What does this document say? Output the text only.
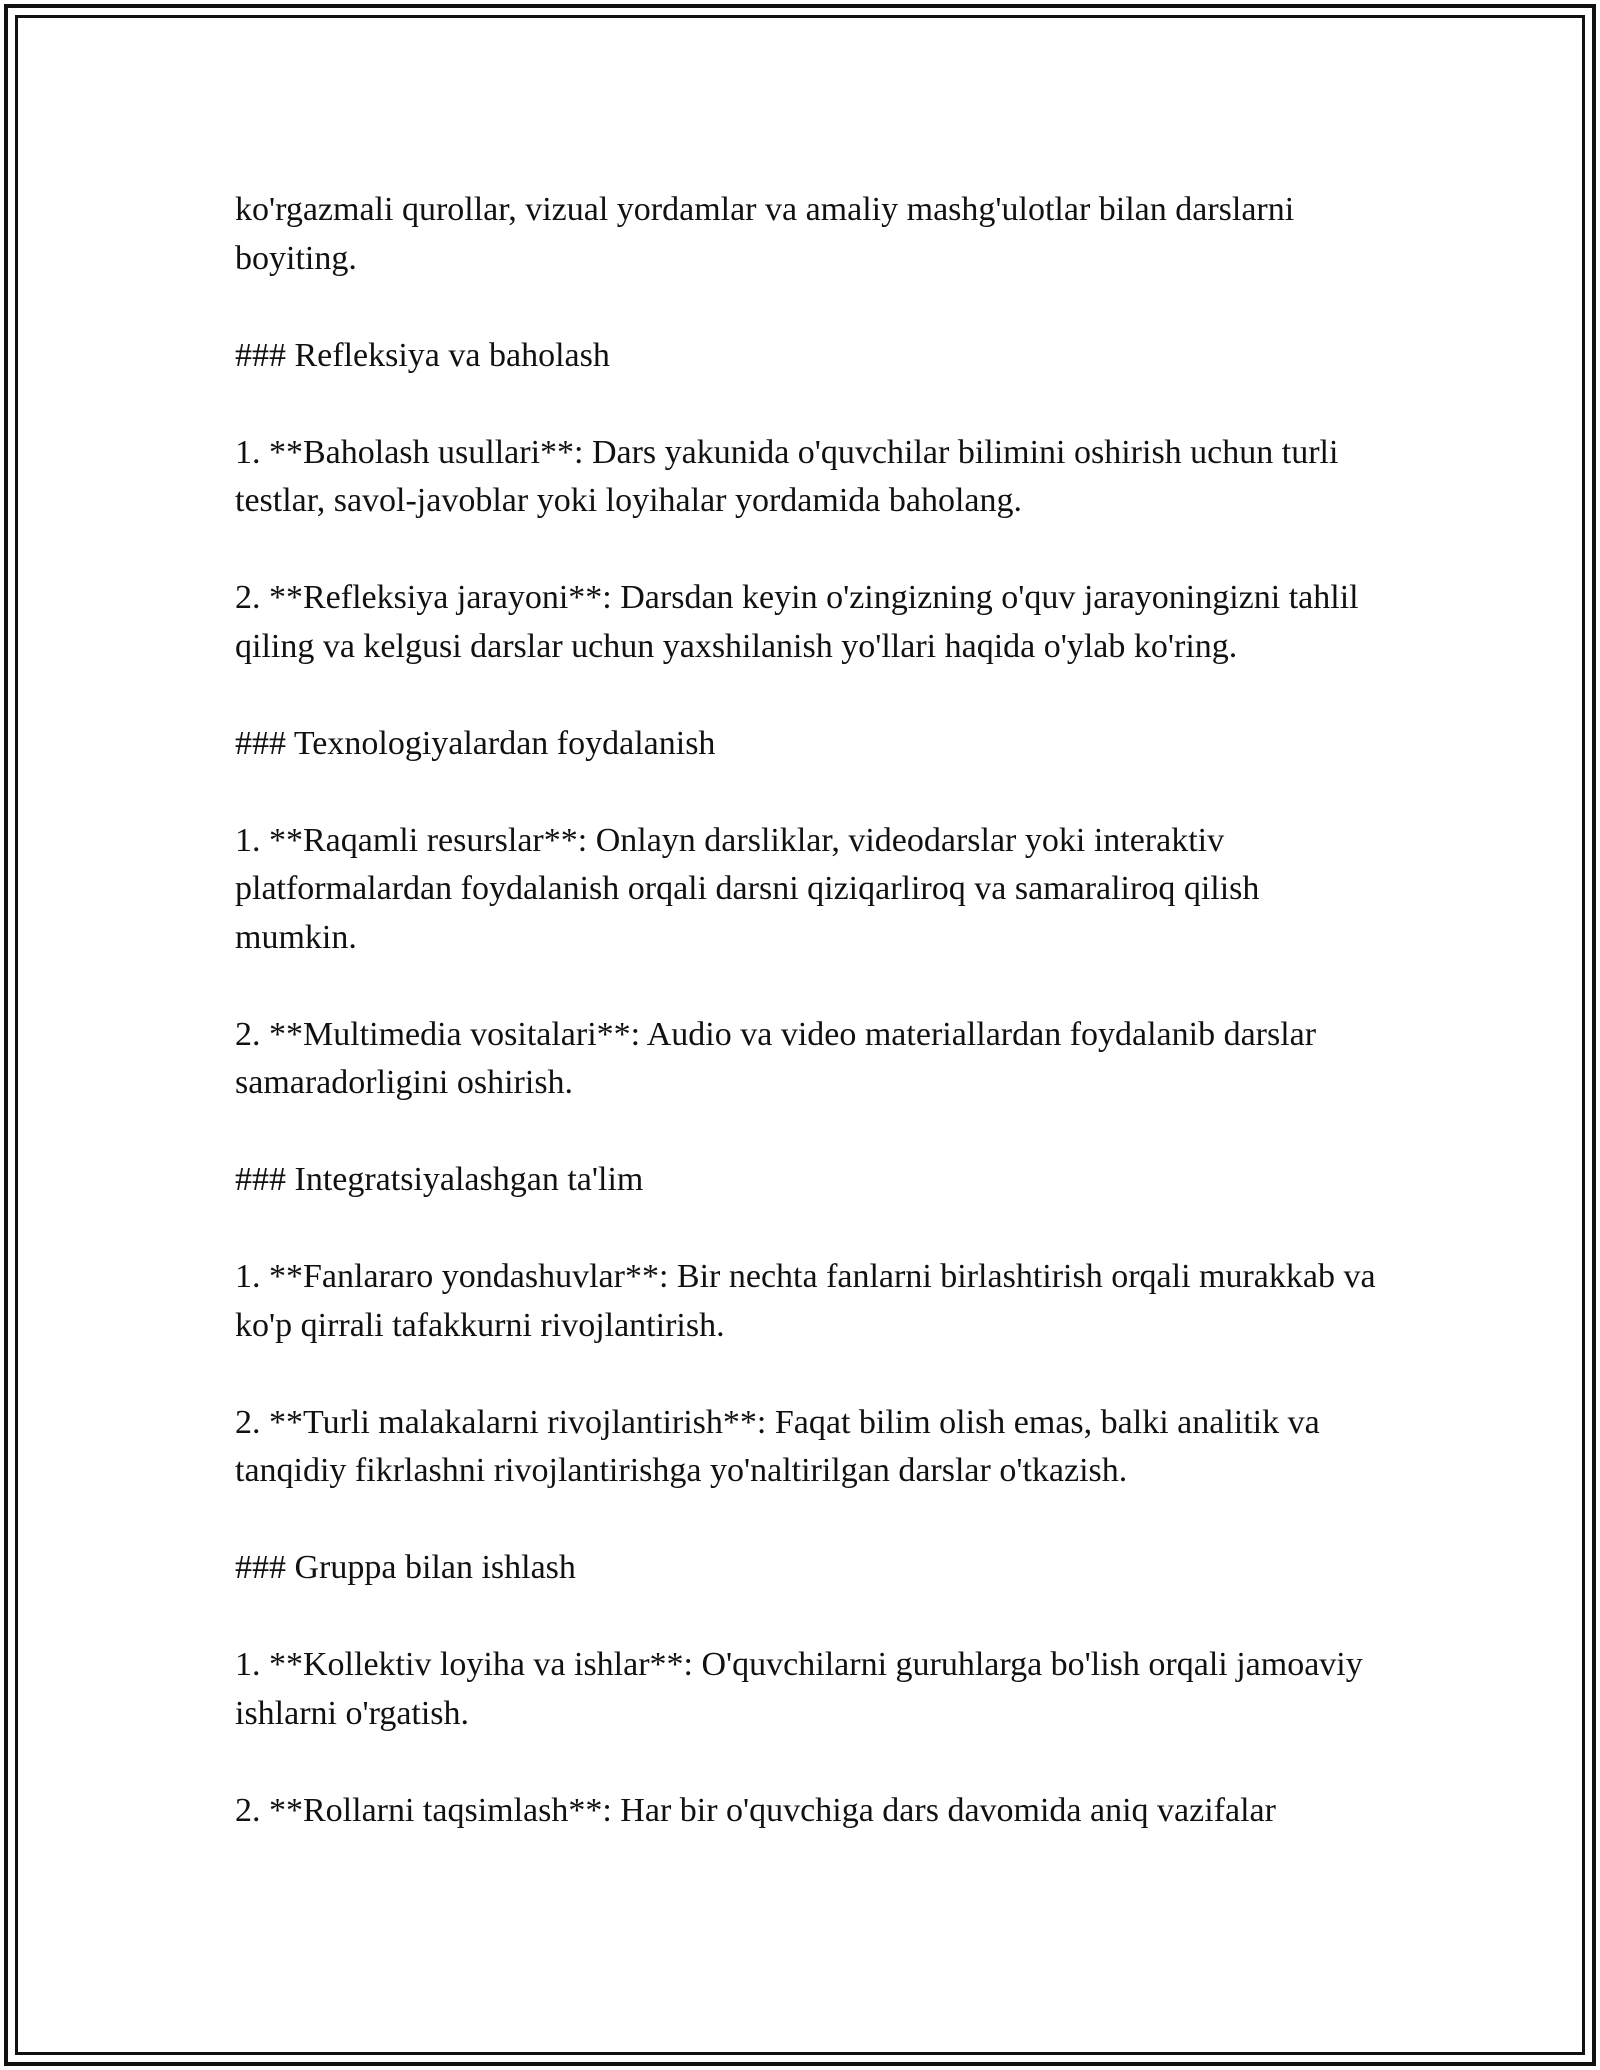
ko'rgazmali qurollar, vizual yordamlar va amaliy mashg'ulotlar bilan darslarni boyiting.

### Refleksiya va baholash

1. **Baholash usullari**: Dars yakunida o'quvchilar bilimini oshirish uchun turli testlar, savol-javoblar yoki loyihalar yordamida baholang.

2. **Refleksiya jarayoni**: Darsdan keyin o'zingizning o'quv jarayoningizni tahlil qiling va kelgusi darslar uchun yaxshilanish yo'llari haqida o'ylab ko'ring.

### Texnologiyalardan foydalanish

1. **Raqamli resurslar**: Onlayn darsliklar, videodarslar yoki interaktiv platformalardan foydalanish orqali darsni qiziqarliroq va samaraliroq qilish mumkin.

2. **Multimedia vositalari**: Audio va video materiallardan foydalanib darslar samaradorligini oshirish.

### Integratsiyalashgan ta'lim

1. **Fanlararo yondashuvlar**: Bir nechta fanlarni birlashtirish orqali murakkab va ko'p qirrali tafakkurni rivojlantirish.

2. **Turli malakalarni rivojlantirish**: Faqat bilim olish emas, balki analitik va tanqidiy fikrlashni rivojlantirishga yo'naltirilgan darslar o'tkazish.

### Gruppa bilan ishlash

1. **Kollektiv loyiha va ishlar**: O'quvchilarni guruhlarga bo'lish orqali jamoaviy ishlarni o'rgatish.

2. **Rollarni taqsimlash**: Har bir o'quvchiga dars davomida aniq vazifalar
